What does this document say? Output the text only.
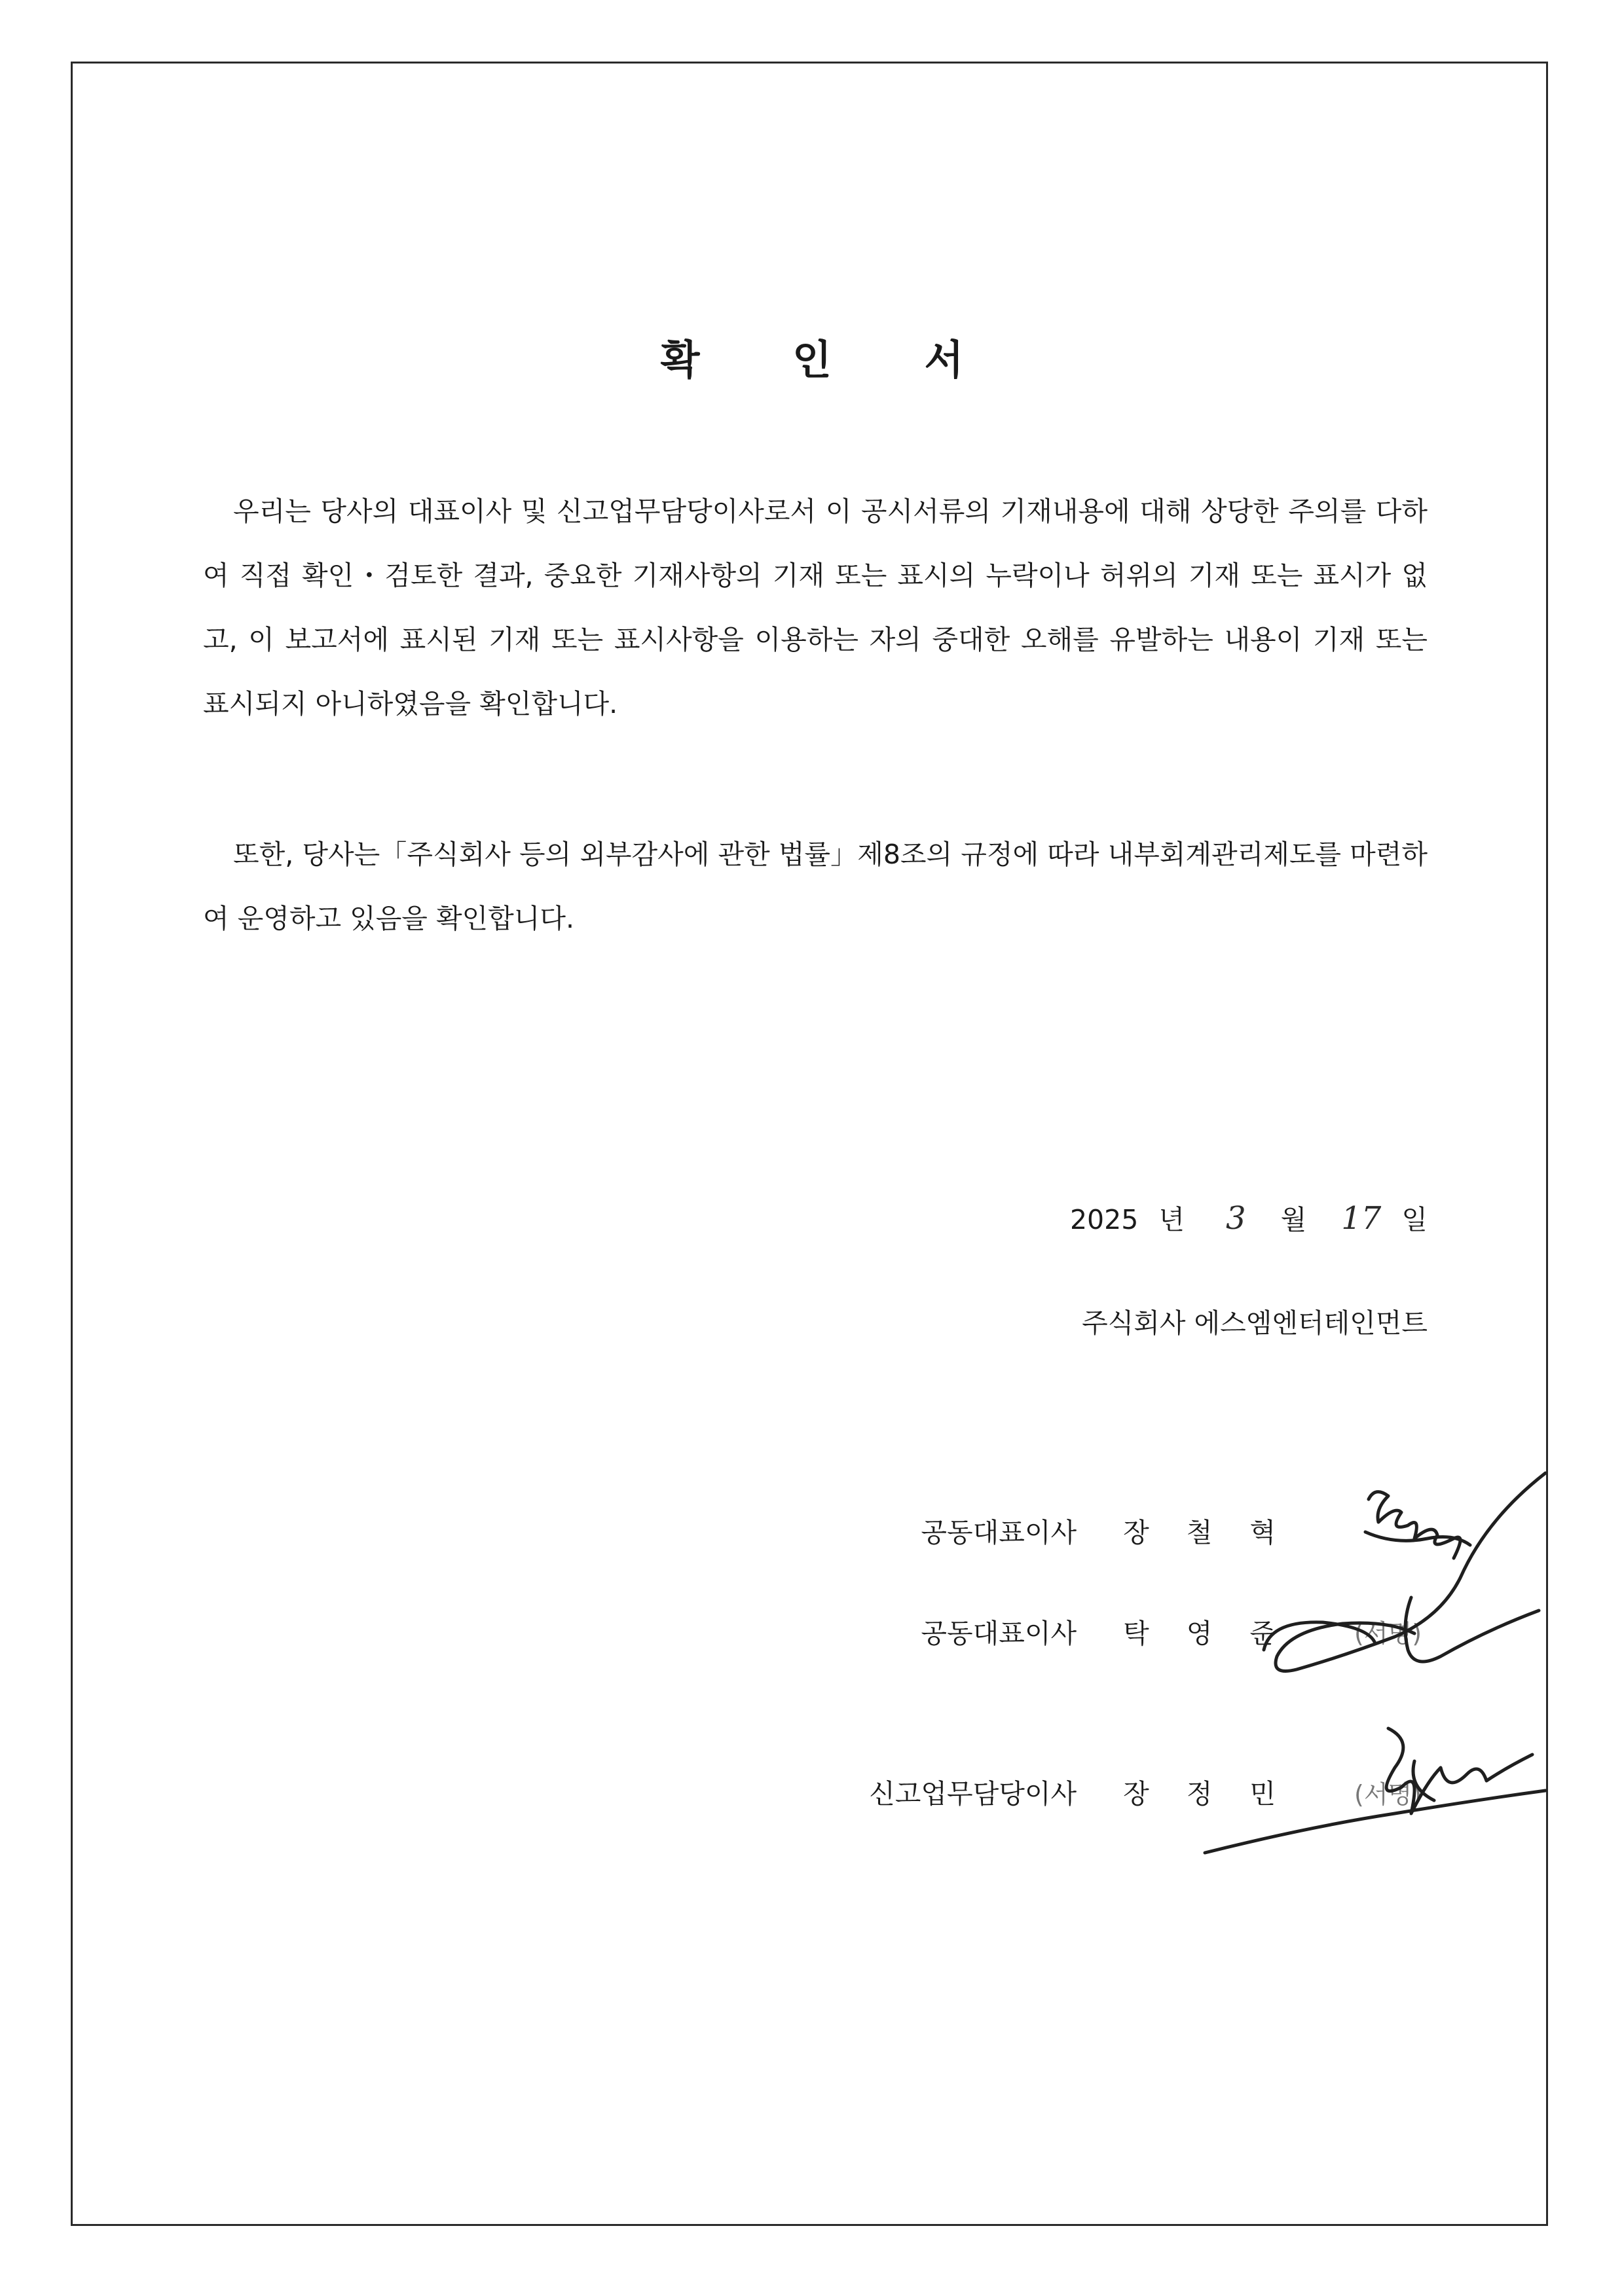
확 인 서

우리는 당사의 대표이사 및 신고업무담당이사로서 이 공시서류의 기재내용에 대해 상당한 주의를 다하여 직접 확인・검토한 결과, 중요한 기재사항의 기재 또는 표시의 누락이나 허위의 기재 또는 표시가 없고, 이 보고서에 표시된 기재 또는 표시사항을 이용하는 자의 중대한 오해를 유발하는 내용이 기재 또는 표시되지 아니하였음을 확인합니다.

또한, 당사는「주식회사 등의 외부감사에 관한 법률」제8조의 규정에 따라 내부회계관리제도를 마련하여 운영하고 있음을 확인합니다.

2025 년 3 월 17 일
주식회사 에스엠엔터테인먼트
공동대표이사 장 철 혁
공동대표이사 탁 영 준
신고업무담당이사 장 정 민
(서명)
(서명)
